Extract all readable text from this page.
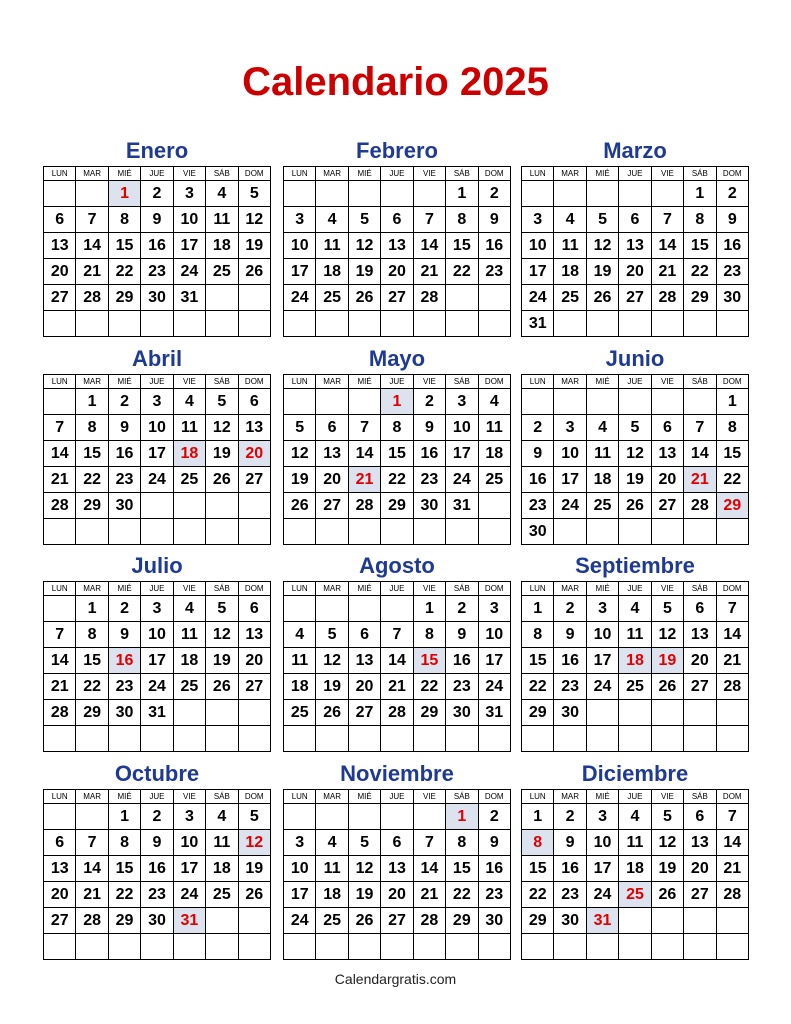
Calendario 2025
Enero
LUN	MAR	MIÉ	JUE	VIE	SÁB	DOM
		1	2	3	4	5
6	7	8	9	10	11	12
13	14	15	16	17	18	19
20	21	22	23	24	25	26
27	28	29	30	31		

Febrero
LUN	MAR	MIÉ	JUE	VIE	SÁB	DOM
					1	2
3	4	5	6	7	8	9
10	11	12	13	14	15	16
17	18	19	20	21	22	23
24	25	26	27	28		

Marzo
LUN	MAR	MIÉ	JUE	VIE	SÁB	DOM
					1	2
3	4	5	6	7	8	9
10	11	12	13	14	15	16
17	18	19	20	21	22	23
24	25	26	27	28	29	30
31						
Abril
LUN	MAR	MIÉ	JUE	VIE	SÁB	DOM
	1	2	3	4	5	6
7	8	9	10	11	12	13
14	15	16	17	18	19	20
21	22	23	24	25	26	27
28	29	30				

Mayo
LUN	MAR	MIÉ	JUE	VIE	SÁB	DOM
			1	2	3	4
5	6	7	8	9	10	11
12	13	14	15	16	17	18
19	20	21	22	23	24	25
26	27	28	29	30	31	

Junio
LUN	MAR	MIÉ	JUE	VIE	SÁB	DOM
						1
2	3	4	5	6	7	8
9	10	11	12	13	14	15
16	17	18	19	20	21	22
23	24	25	26	27	28	29
30						
Julio
LUN	MAR	MIÉ	JUE	VIE	SÁB	DOM
	1	2	3	4	5	6
7	8	9	10	11	12	13
14	15	16	17	18	19	20
21	22	23	24	25	26	27
28	29	30	31			

Agosto
LUN	MAR	MIÉ	JUE	VIE	SÁB	DOM
				1	2	3
4	5	6	7	8	9	10
11	12	13	14	15	16	17
18	19	20	21	22	23	24
25	26	27	28	29	30	31

Septiembre
LUN	MAR	MIÉ	JUE	VIE	SÁB	DOM
1	2	3	4	5	6	7
8	9	10	11	12	13	14
15	16	17	18	19	20	21
22	23	24	25	26	27	28
29	30					

Octubre
LUN	MAR	MIÉ	JUE	VIE	SÁB	DOM
		1	2	3	4	5
6	7	8	9	10	11	12
13	14	15	16	17	18	19
20	21	22	23	24	25	26
27	28	29	30	31		

Noviembre
LUN	MAR	MIÉ	JUE	VIE	SÁB	DOM
					1	2
3	4	5	6	7	8	9
10	11	12	13	14	15	16
17	18	19	20	21	22	23
24	25	26	27	28	29	30

Diciembre
LUN	MAR	MIÉ	JUE	VIE	SÁB	DOM
1	2	3	4	5	6	7
8	9	10	11	12	13	14
15	16	17	18	19	20	21
22	23	24	25	26	27	28
29	30	31				

Calendargratis.com
